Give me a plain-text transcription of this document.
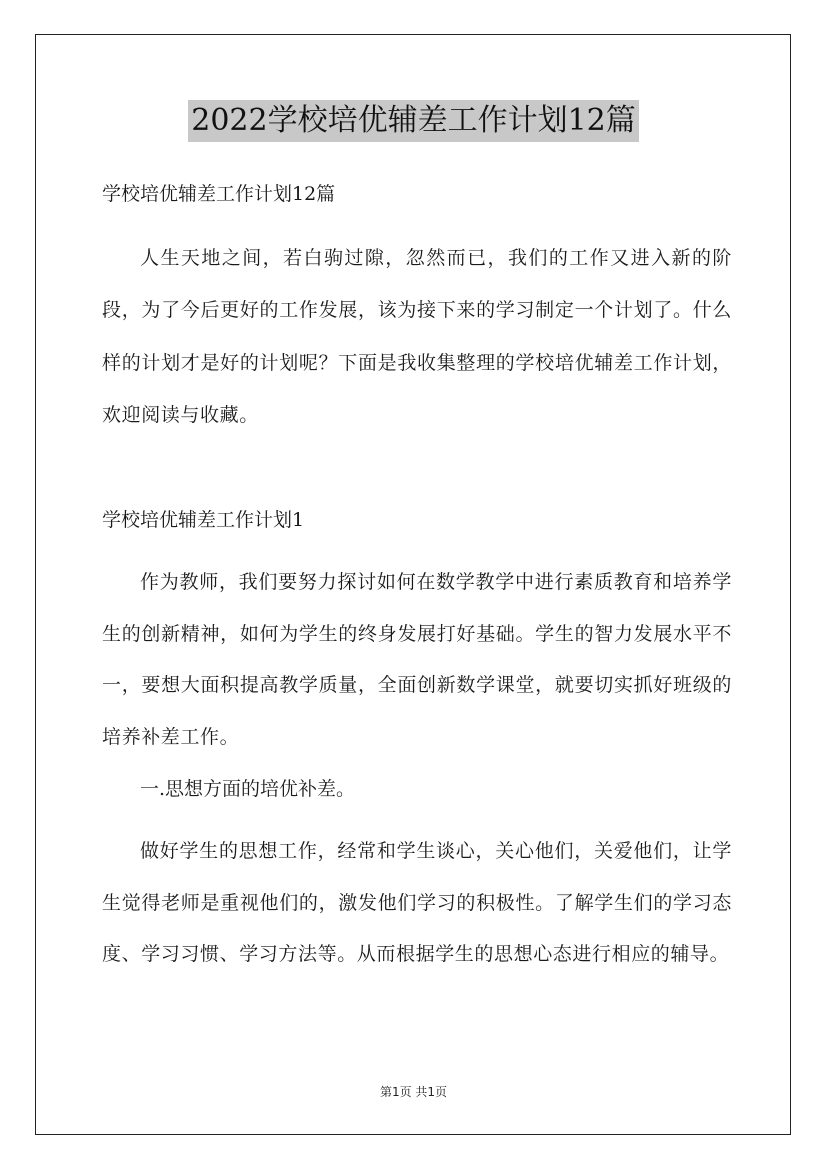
2022学校培优辅差工作计划12篇

学校培优辅差工作计划12篇

人生天地之间，若白驹过隙，忽然而已，我们的工作又进入新的阶段，为了今后更好的工作发展，该为接下来的学习制定一个计划了。什么样的计划才是好的计划呢？下面是我收集整理的学校培优辅差工作计划，欢迎阅读与收藏。

学校培优辅差工作计划1

作为教师，我们要努力探讨如何在数学教学中进行素质教育和培养学生的创新精神，如何为学生的终身发展打好基础。学生的智力发展水平不一，要想大面积提高教学质量，全面创新数学课堂，就要切实抓好班级的培养补差工作。

一.思想方面的培优补差。

做好学生的思想工作，经常和学生谈心，关心他们，关爱他们，让学生觉得老师是重视他们的，激发他们学习的积极性。了解学生们的学习态度、学习习惯、学习方法等。从而根据学生的思想心态进行相应的辅导。

第1页 共1页
